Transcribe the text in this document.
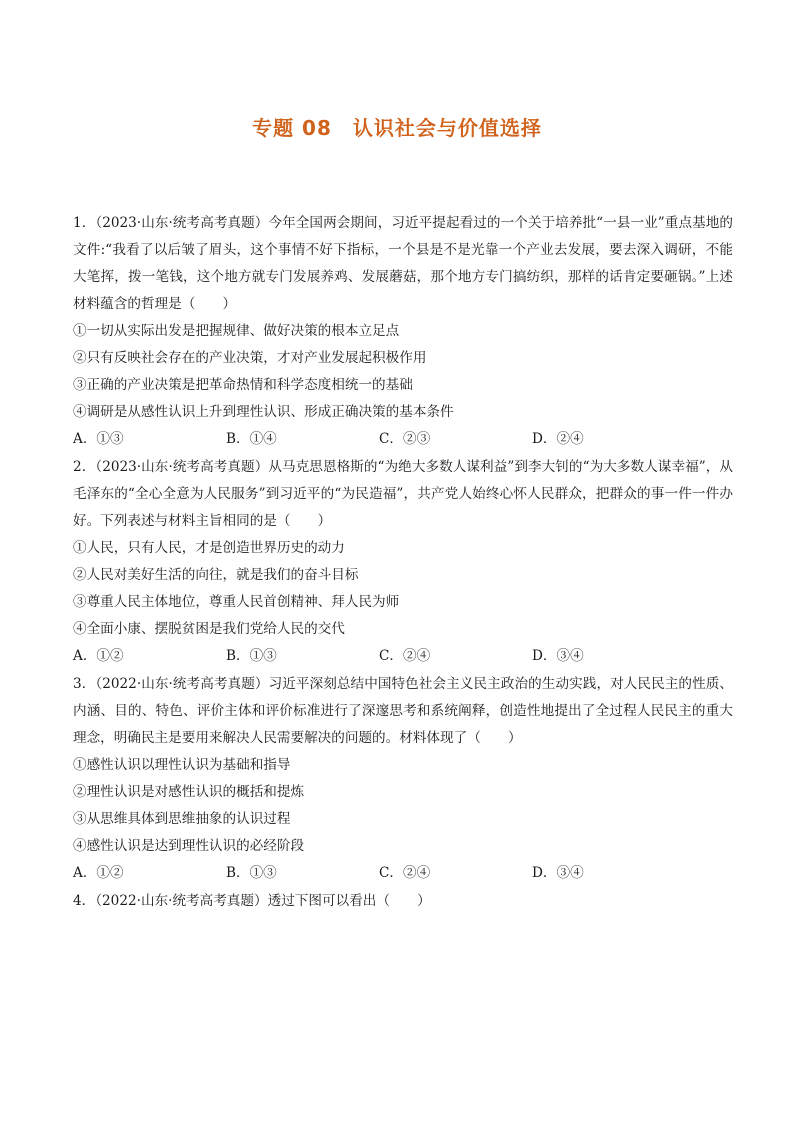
专题 08　认识社会与价值选择

1．（2023·山东·统考高考真题）今年全国两会期间，习近平提起看过的一个关于培养批“一县一业”重点基地的文件:“我看了以后皱了眉头，这个事情不好下指标，一个县是不是光靠一个产业去发展，要去深入调研，不能大笔挥，拨一笔钱，这个地方就专门发展养鸡、发展蘑菇，那个地方专门搞纺织，那样的话肯定要砸锅。”上述材料蕴含的哲理是（　　）

①一切从实际出发是把握规律、做好决策的根本立足点

②只有反映社会存在的产业决策，才对产业发展起积极作用

③正确的产业决策是把革命热情和科学态度相统一的基础

④调研是从感性认识上升到理性认识、形成正确决策的基本条件

A．①③	B．①④	C．②③	D．②④

2．（2023·山东·统考高考真题）从马克思恩格斯的“为绝大多数人谋利益”到李大钊的“为大多数人谋幸福”，从毛泽东的“全心全意为人民服务”到习近平的“为民造福”，共产党人始终心怀人民群众，把群众的事一件一件办好。下列表述与材料主旨相同的是（　　）

①人民，只有人民，才是创造世界历史的动力

②人民对美好生活的向往，就是我们的奋斗目标

③尊重人民主体地位，尊重人民首创精神、拜人民为师

④全面小康、摆脱贫困是我们党给人民的交代

A．①②	B．①③	C．②④	D．③④

3．（2022·山东·统考高考真题）习近平深刻总结中国特色社会主义民主政治的生动实践，对人民民主的性质、内涵、目的、特色、评价主体和评价标准进行了深邃思考和系统阐释，创造性地提出了全过程人民民主的重大理念，明确民主是要用来解决人民需要解决的问题的。材料体现了（　　）

①感性认识以理性认识为基础和指导

②理性认识是对感性认识的概括和提炼

③从思维具体到思维抽象的认识过程

④感性认识是达到理性认识的必经阶段

A．①②	B．①③	C．②④	D．③④

4．（2022·山东·统考高考真题）透过下图可以看出（　　）
